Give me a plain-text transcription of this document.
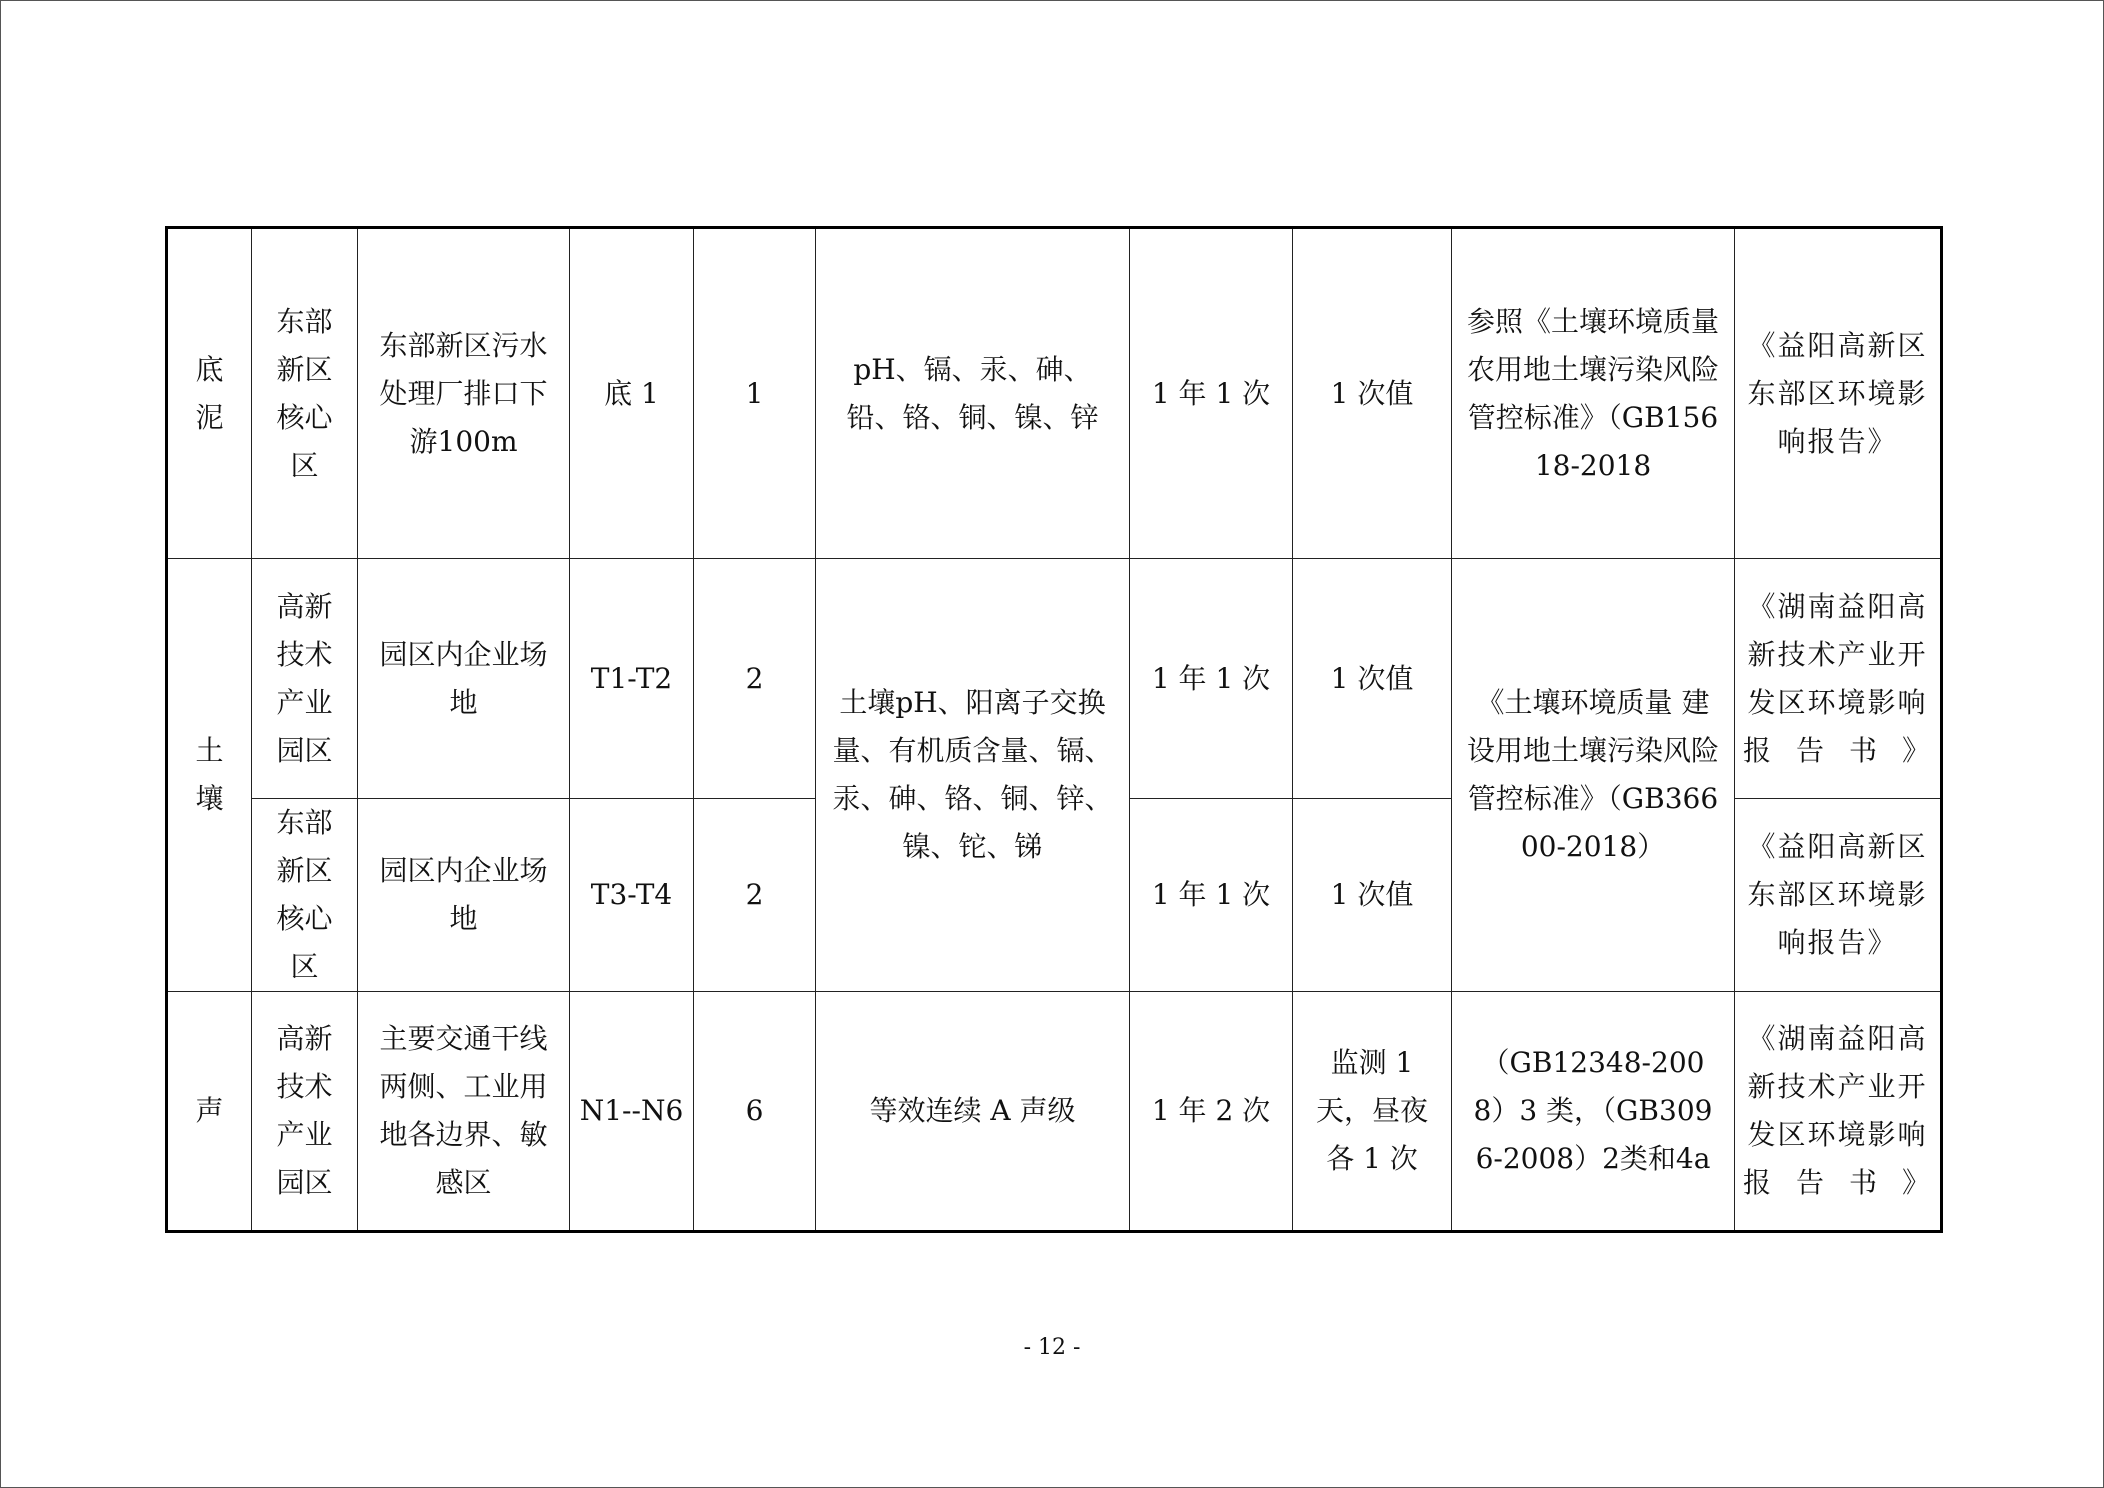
底泥	东部新区核心区	东部新区污水处理厂排口下游100m	底 1	1	pH、镉、汞、砷、铅、铬、铜、镍、锌	1 年 1 次	1 次值	参照《土壤环境质量 农用地土壤污染风险管控标准》（GB15618-2018	《益阳高新区东部区环境影响报告》
土壤	高新技术产业园区	园区内企业场地	T1-T2	2	土壤pH、阳离子交换量、有机质含量、镉、汞、砷、铬、铜、锌、镍、铊、锑	1 年 1 次	1 次值	《土壤环境质量 建设用地土壤污染风险管控标准》（GB36600-2018）	《湖南益阳高新技术产业开发区环境影响报告书》
	东部新区核心区	园区内企业场地	T3-T4	2		1 年 1 次	1 次值		《益阳高新区东部区环境影响报告》
声	高新技术产业园区	主要交通干线两侧、工业用地各边界、敏感区	N1--N6	6	等效连续 A 声级	1 年 2 次	监测 1 天，昼夜各 1 次	（GB12348-2008）3 类，（GB3096-2008）2类和4a	《湖南益阳高新技术产业开发区环境影响报告书》
- 12 -
